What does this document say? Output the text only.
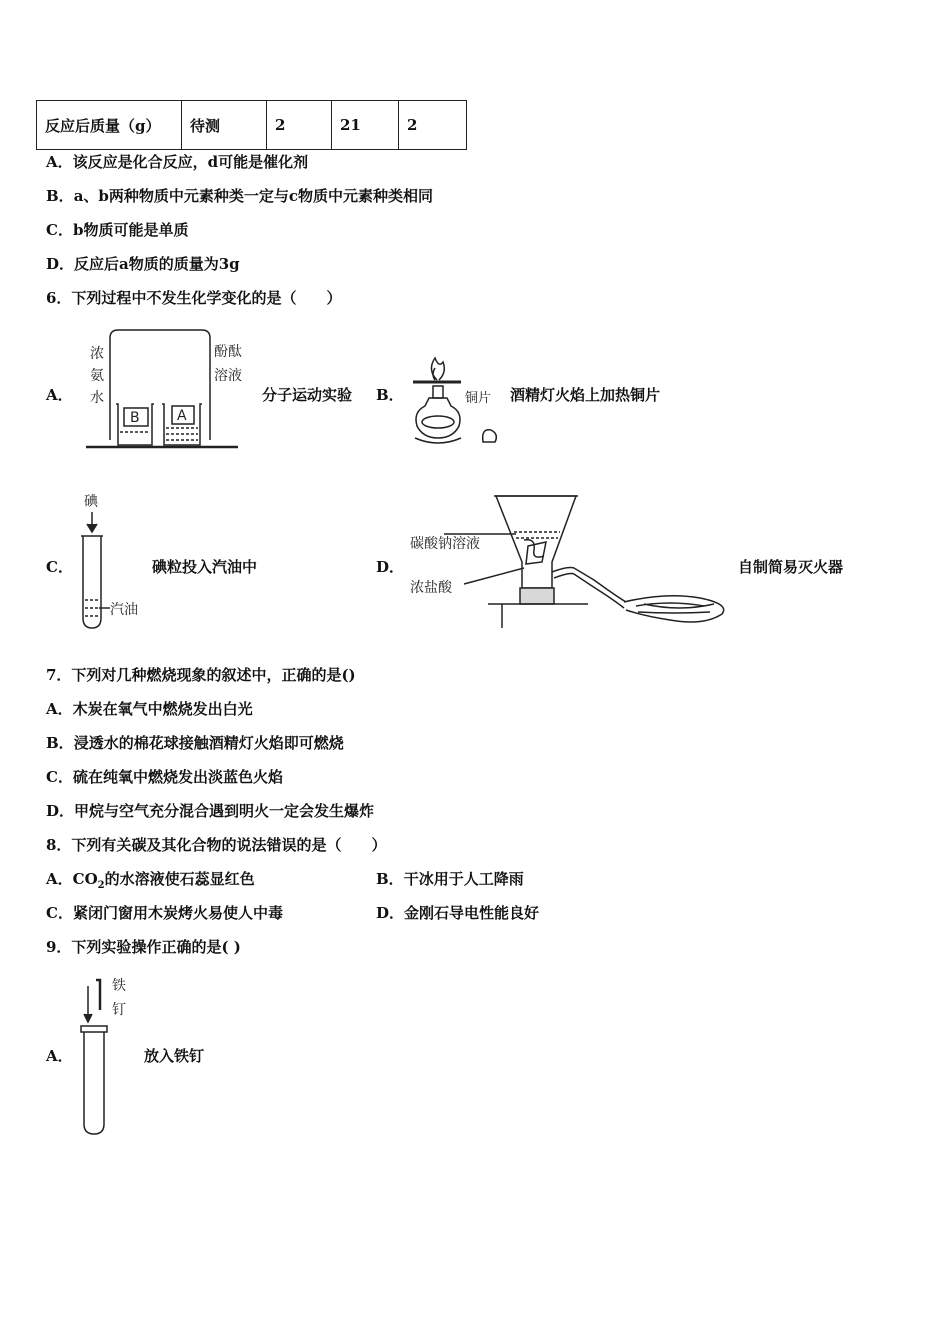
反应后质量（g）	待测	2	21	2
A．该反应是化合反应，d可能是催化剂
B．a、b两种物质中元素种类一定与c物质中元素种类相同
C．b物质可能是单质
D．反应后a物质的质量为3g
6．下列过程中不发生化学变化的是（　　）
A．
浓
氨
水
酚酞
溶液
B	A
分子运动实验 B．	铜片 酒精灯火焰上加热铜片
C．
碘
汽油
碘粒投入汽油中	D．
碳酸钠溶液
浓盐酸
自制简易灭火器
7．下列对几种燃烧现象的叙述中，正确的是()
A．木炭在氧气中燃烧发出白光
B．浸透水的棉花球接触酒精灯火焰即可燃烧
C．硫在纯氧中燃烧发出淡蓝色火焰
D．甲烷与空气充分混合遇到明火一定会发生爆炸
8．下列有关碳及其化合物的说法错误的是（　　）
A．$CO_2$的水溶液使石蕊显红色	B．干冰用于人工降雨
C．紧闭门窗用木炭烤火易使人中毒	D．金刚石导电性能良好
9．下列实验操作正确的是( )
A．
铁
钉
放入铁钉
